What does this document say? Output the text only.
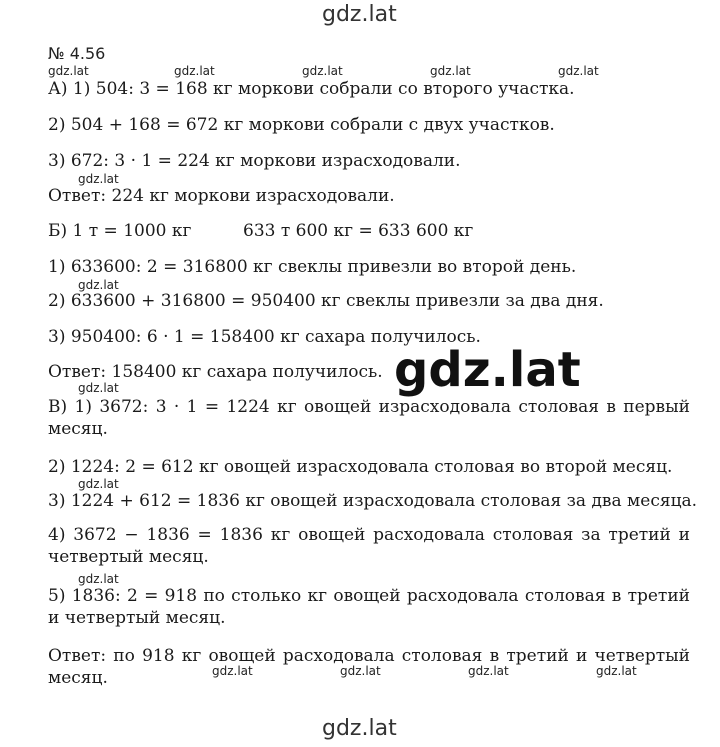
gdz.lat
№ 4.56
gdz.lat	gdz.lat	gdz.lat	gdz.lat	gdz.lat
А) 1) 504: 3 = 168 кг моркови собрали со второго участка.
2) 504 + 168 = 672 кг моркови собрали с двух участков.
3) 672: 3 · 1 = 224 кг моркови израсходовали.
gdz.lat
Ответ: 224 кг моркови израсходовали.
Б) 1 т = 1000 кг	633 т 600 кг = 633 600 кг
1) 633600: 2 = 316800 кг свеклы привезли во второй день.
gdz.lat
2) 633600 + 316800 = 950400 кг свеклы привезли за два дня.
3) 950400: 6 · 1 = 158400 кг сахара получилось.
Ответ: 158400 кг сахара получилось. gdz.lat
gdz.lat
В) 1) 3672: 3 · 1 = 1224 кг овощей израсходовала столовая в первый месяц.
2) 1224: 2 = 612 кг овощей израсходовала столовая во второй месяц.
gdz.lat
3) 1224 + 612 = 1836 кг овощей израсходовала столовая за два месяца.
4) 3672 − 1836 = 1836 кг овощей расходовала столовая за третий и четвертый месяц.
gdz.lat
5) 1836: 2 = 918 по столько кг овощей расходовала столовая в третий и четвертый месяц.
Ответ: по 918 кг овощей расходовала столовая в третий и четвертый месяц.	gdz.lat	gdz.lat	gdz.lat	gdz.lat
gdz.lat
